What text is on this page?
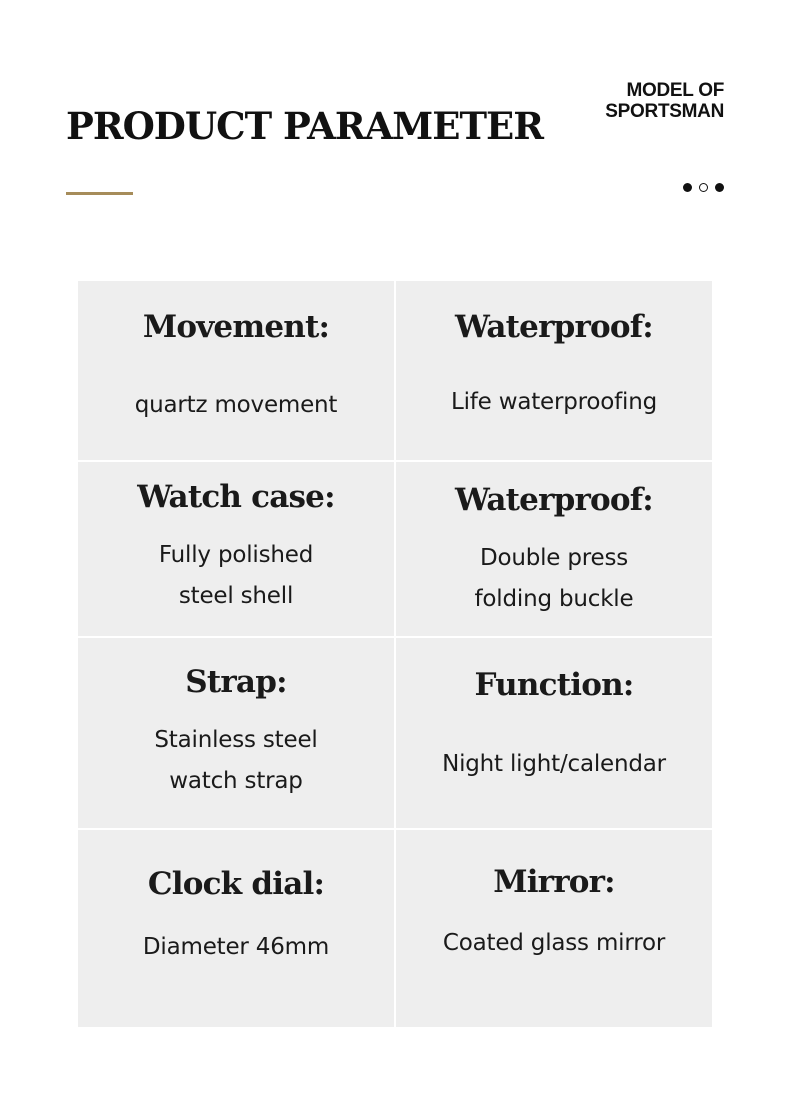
PRODUCT PARAMETER
MODEL OF
SPORTSMAN
Movement:
quartz movement
Waterproof:
Life waterproofing
Watch case:
Fully polished
steel shell
Waterproof:
Double press
folding buckle
Strap:
Stainless steel
watch strap
Function:
Night light/calendar
Clock dial:
Diameter 46mm
Mirror:
Coated glass mirror
